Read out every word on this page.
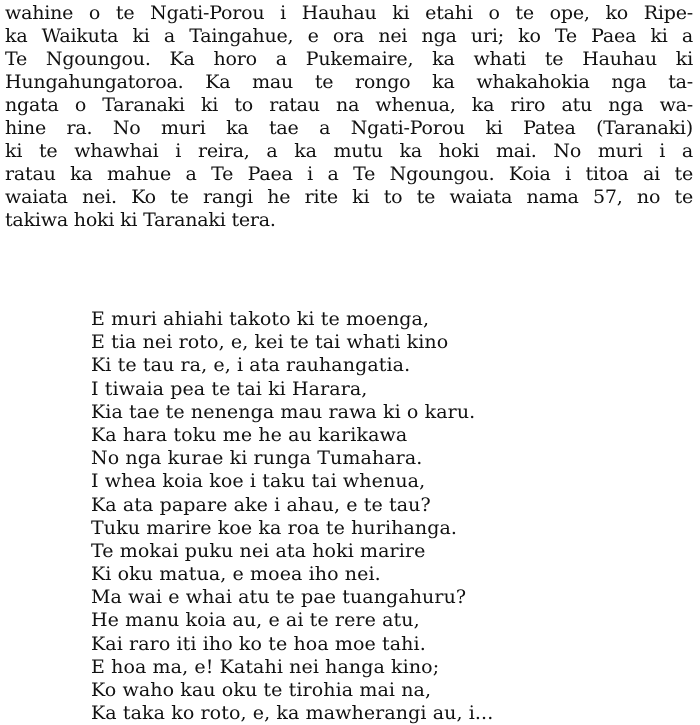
wahine o te Ngati-Porou i Hauhau ki etahi o te ope, ko Ripe-
ka Waikuta ki a Taingahue, e ora nei nga uri; ko Te Paea ki a
Te Ngoungou. Ka horo a Pukemaire, ka whati te Hauhau ki
Hungahungatoroa. Ka mau te rongo ka whakahokia nga ta-
ngata o Taranaki ki to ratau na whenua, ka riro atu nga wa-
hine ra. No muri ka tae a Ngati-Porou ki Patea (Taranaki)
ki te whawhai i reira, a ka mutu ka hoki mai. No muri i a
ratau ka mahue a Te Paea i a Te Ngoungou. Koia i titoa ai te
waiata nei. Ko te rangi he rite ki to te waiata nama 57, no te
takiwa hoki ki Taranaki tera.
E muri ahiahi takoto ki te moenga,
E tia nei roto, e, kei te tai whati kino
Ki te tau ra, e, i ata rauhangatia.
I tiwaia pea te tai ki Harara,
Kia tae te nenenga mau rawa ki o karu.
Ka hara toku me he au karikawa
No nga kurae ki runga Tumahara.
I whea koia koe i taku tai whenua,
Ka ata papare ake i ahau, e te tau?
Tuku marire koe ka roa te hurihanga.
Te mokai puku nei ata hoki marire
Ki oku matua, e moea iho nei.
Ma wai e whai atu te pae tuangahuru?
He manu koia au, e ai te rere atu,
Kai raro iti iho ko te hoa moe tahi.
E hoa ma, e! Katahi nei hanga kino;
Ko waho kau oku te tirohia mai na,
Ka taka ko roto, e, ka mawherangi au, i...
